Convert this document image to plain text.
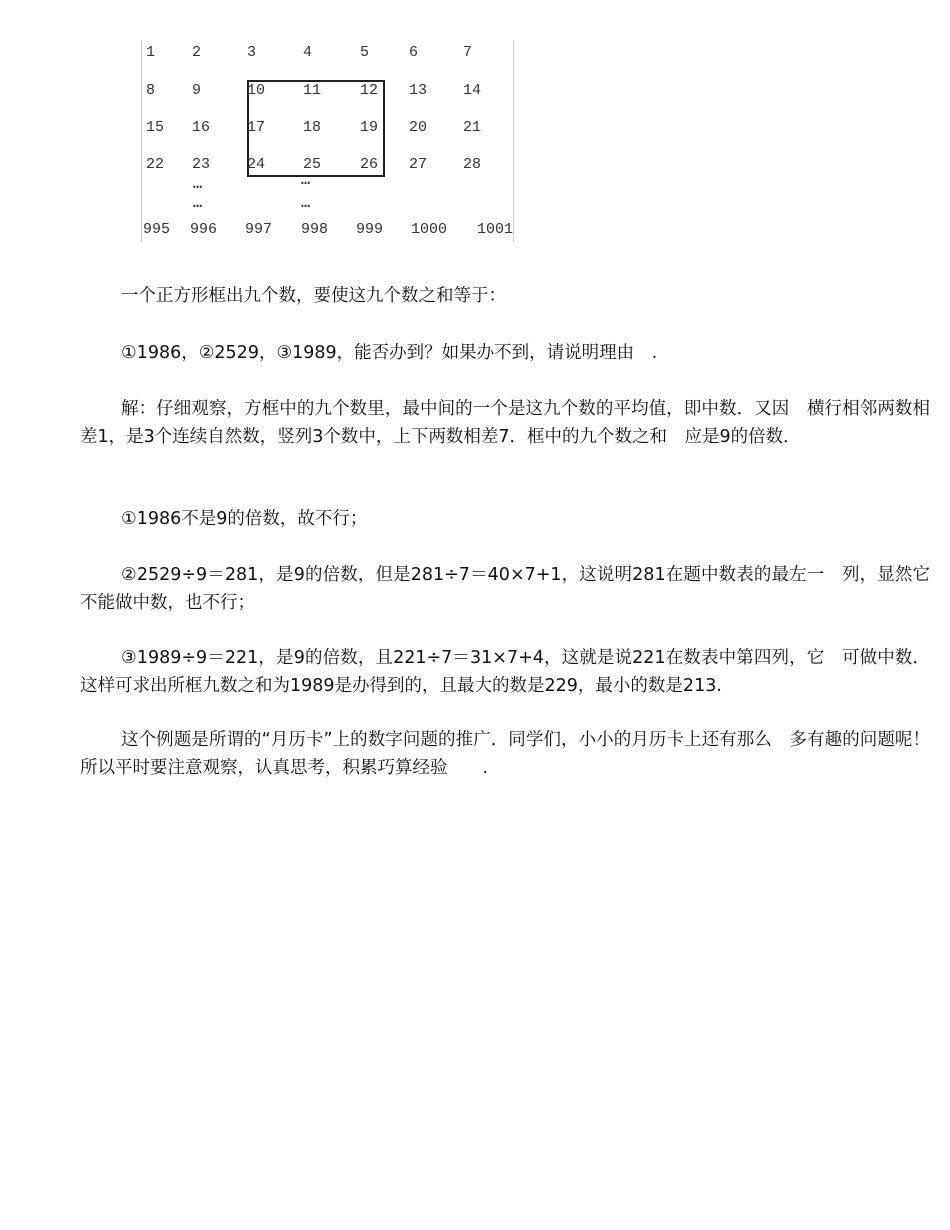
1 2	3	4	5	6	7
8 9	10	11	12 13 14
15 16 17	18	19 20 21
22 23 24	25	26 27 28
995 996 997 998 999 1000 1001
…
…
…
…

一个正方形框出九个数，要使这九个数之和等于：

①1986，②2529，③1989，能否办到？如果办不到，请说明理由　.

解：仔细观察，方框中的九个数里，最中间的一个是这九个数的平均值，即中数．又因　横行相邻两数相差1，是3个连续自然数，竖列3个数中，上下两数相差7．框中的九个数之和　应是9的倍数．

①1986不是9的倍数，故不行；

②2529÷9＝281，是9的倍数，但是281÷7＝40×7+1，这说明281在题中数表的最左一　列，显然它不能做中数，也不行；

③1989÷9＝221，是9的倍数，且221÷7＝31×7+4，这就是说221在数表中第四列，它　可做中数．这样可求出所框九数之和为1989是办得到的，且最大的数是229，最小的数是213.

这个例题是所谓的“月历卡”上的数字问题的推广．同学们，小小的月历卡上还有那么　多有趣的问题呢！所以平时要注意观察，认真思考，积累巧算经验　　.
